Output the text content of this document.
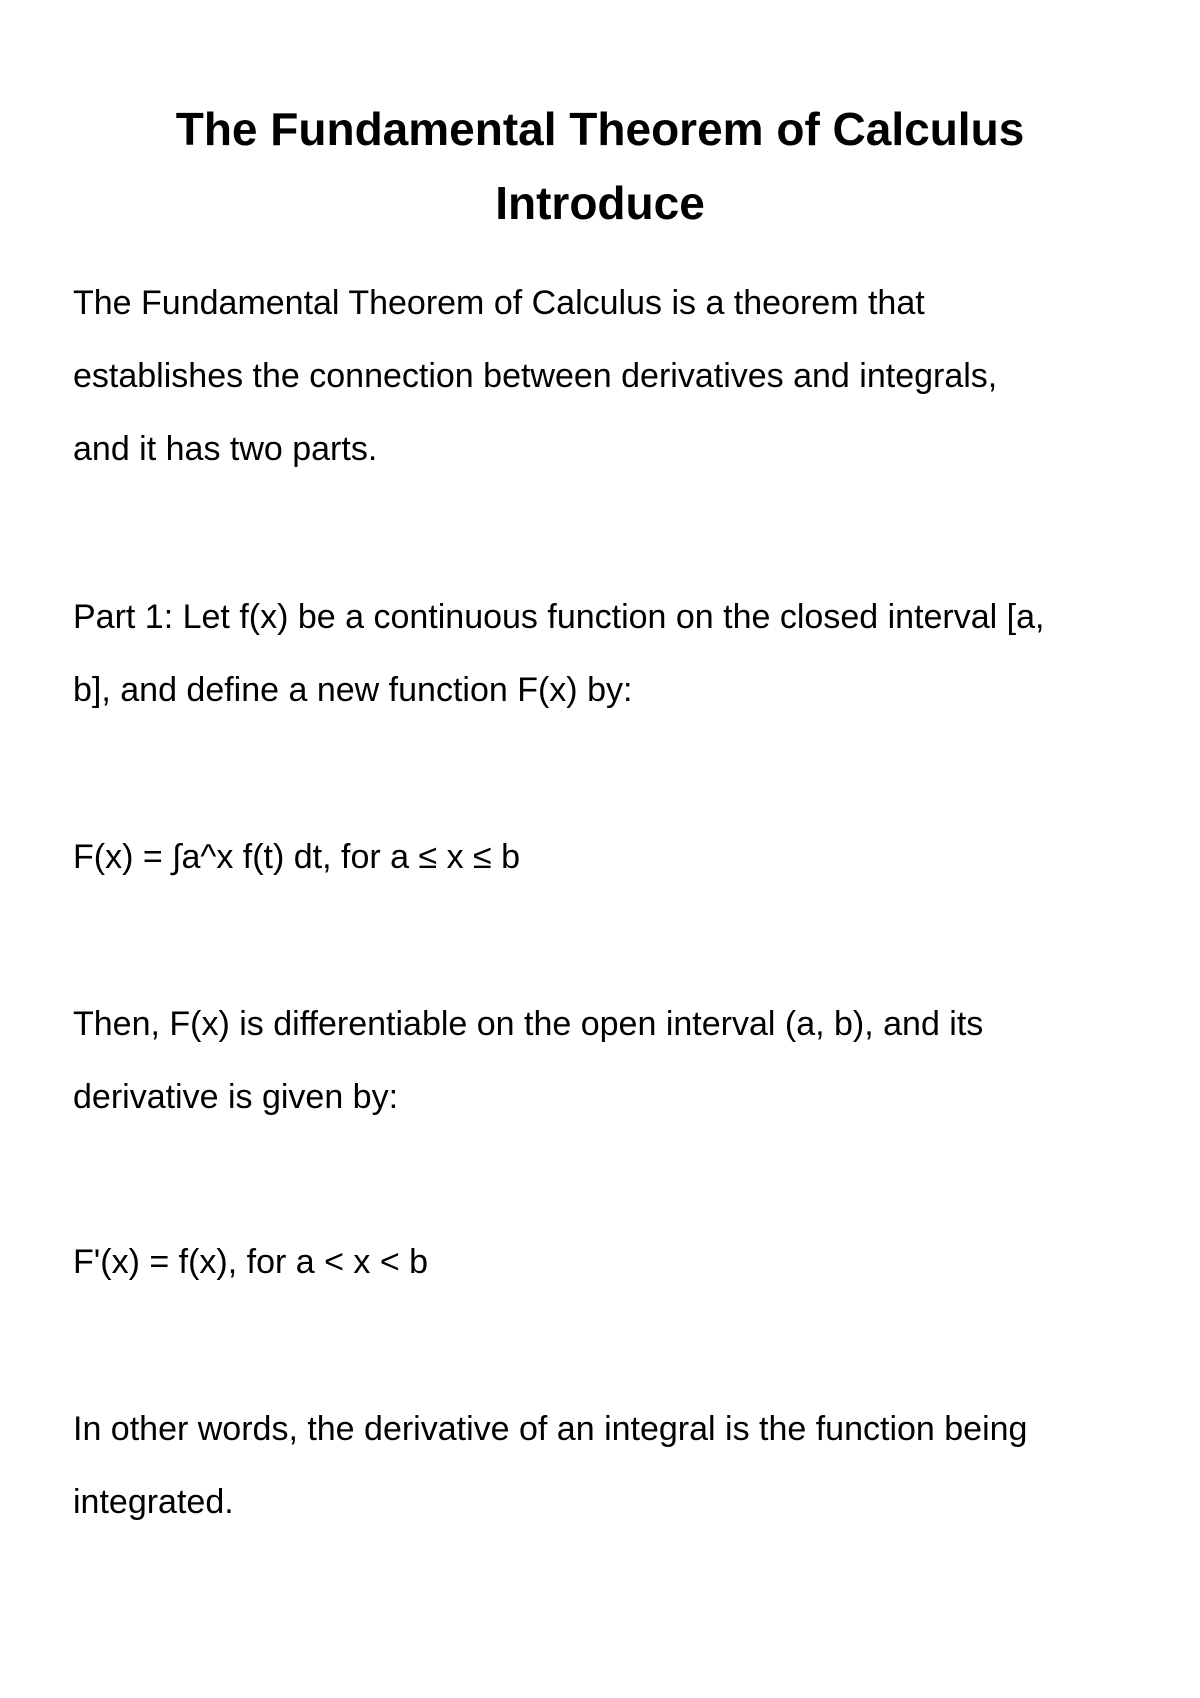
The Fundamental Theorem of Calculus
Introduce

The Fundamental Theorem of Calculus is a theorem that

establishes the connection between derivatives and integrals,

and it has two parts.

Part 1: Let f(x) be a continuous function on the closed interval [a,

b], and define a new function F(x) by:

F(x) = ∫a^x f(t) dt, for a ≤ x ≤ b

Then, F(x) is differentiable on the open interval (a, b), and its

derivative is given by:

F'(x) = f(x), for a < x < b

In other words, the derivative of an integral is the function being

integrated.
